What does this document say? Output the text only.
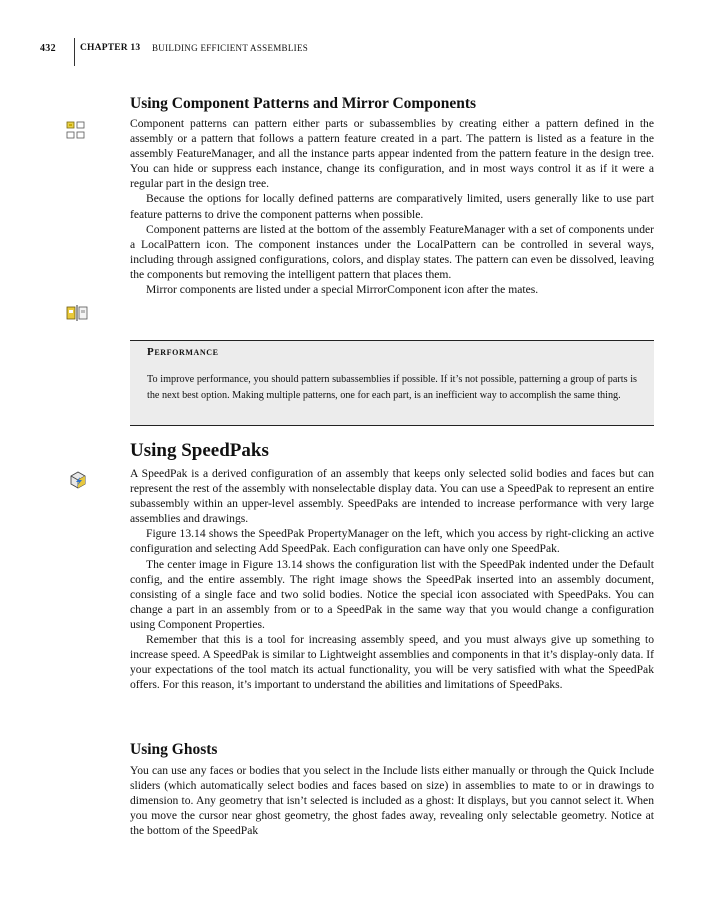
432	CHAPTER 13 BUILDING EFFICIENT ASSEMBLIES
Using Component Patterns and Mirror Components

Component patterns can pattern either parts or subassemblies by creating either a pattern defined in the assembly or a pattern that follows a pattern feature created in a part. The pattern is listed as a feature in the assembly FeatureManager, and all the instance parts appear indented from the pattern feature in the design tree. You can hide or suppress each instance, change its configuration, and in most ways control it as if it were a regular part in the design tree.

Because the options for locally defined patterns are comparatively limited, users generally like to use part feature patterns to drive the component patterns when possible.

Component patterns are listed at the bottom of the assembly FeatureManager with a set of components under a LocalPattern icon. The component instances under the LocalPattern can be controlled in several ways, including through assigned configurations, colors, and display states. The pattern can even be dissolved, leaving the components but removing the intelligent pattern that places them.

Mirror components are listed under a special MirrorComponent icon after the mates.

Performance
To improve performance, you should pattern subassemblies if possible. If it’s not possible, patterning a group of parts is the next best option. Making multiple patterns, one for each part, is an inefficient way to accomplish the same thing.
Using SpeedPaks

A SpeedPak is a derived configuration of an assembly that keeps only selected solid bodies and faces but can represent the rest of the assembly with nonselectable display data. You can use a SpeedPak to represent an entire subassembly within an upper-level assembly. SpeedPaks are intended to increase performance with very large assemblies and drawings.

Figure 13.14 shows the SpeedPak PropertyManager on the left, which you access by right-clicking an active configuration and selecting Add SpeedPak. Each configuration can have only one SpeedPak.

The center image in Figure 13.14 shows the configuration list with the SpeedPak indented under the Default config, and the entire assembly. The right image shows the SpeedPak inserted into an assembly document, consisting of a single face and two solid bodies. Notice the special icon associated with SpeedPaks. You can change a part in an assembly from or to a SpeedPak in the same way that you would change a configuration using Component Properties.

Remember that this is a tool for increasing assembly speed, and you must always give up something to increase speed. A SpeedPak is similar to Lightweight assemblies and components in that it’s display-only data. If your expectations of the tool match its actual functionality, you will be very satisfied with what the SpeedPak offers. For this reason, it’s important to understand the abilities and limitations of SpeedPaks.

Using Ghosts

You can use any faces or bodies that you select in the Include lists either manually or through the Quick Include sliders (which automatically select bodies and faces based on size) in assemblies to mate to or in drawings to dimension to. Any geometry that isn’t selected is included as a ghost: It displays, but you cannot select it. When you move the cursor near ghost geometry, the ghost fades away, revealing only selectable geometry. Notice at the bottom of the SpeedPak
